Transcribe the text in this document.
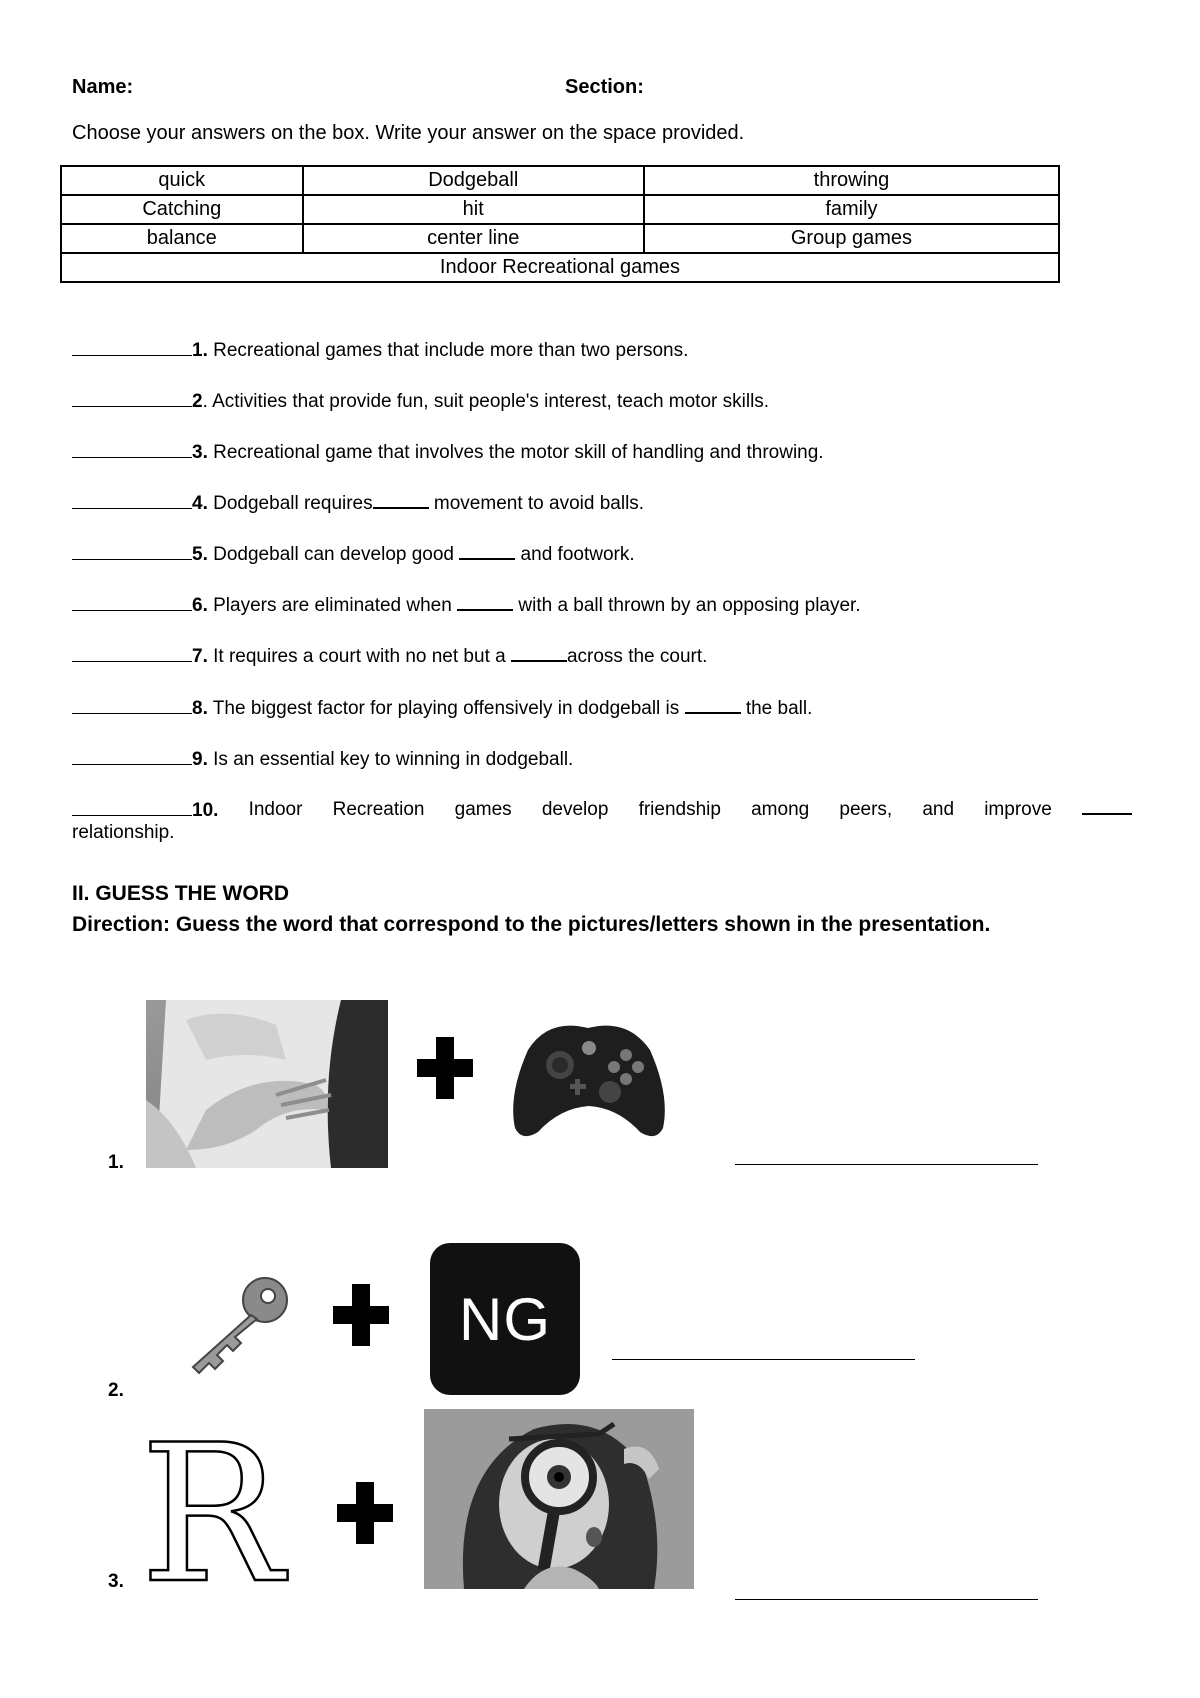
Name:	Section:
Choose your answers on the box. Write your answer on the space provided.
quick	Dodgeball	throwing
Catching	hit	family
balance	center line	Group games
Indoor Recreational games		
1. Recreational games that include more than two persons.
2. Activities that provide fun, suit people's interest, teach motor skills.
3. Recreational game that involves the motor skill of handling and throwing.
4. Dodgeball requires	movement to avoid balls.
5. Dodgeball can develop good	and footwork.
6. Players are eliminated when	with a ball thrown by an opposing player.
7. It requires a court with no net but a	across the court.
8. The biggest factor for playing offensively in dodgeball is	the ball.
9. Is an essential key to winning in dodgeball.
10. Indoor Recreation games develop friendship among peers, and improve
relationship.
II. GUESS THE WORD
Direction: Guess the word that correspond to the pictures/letters shown in the presentation.
1.
2.
NG
3. R
